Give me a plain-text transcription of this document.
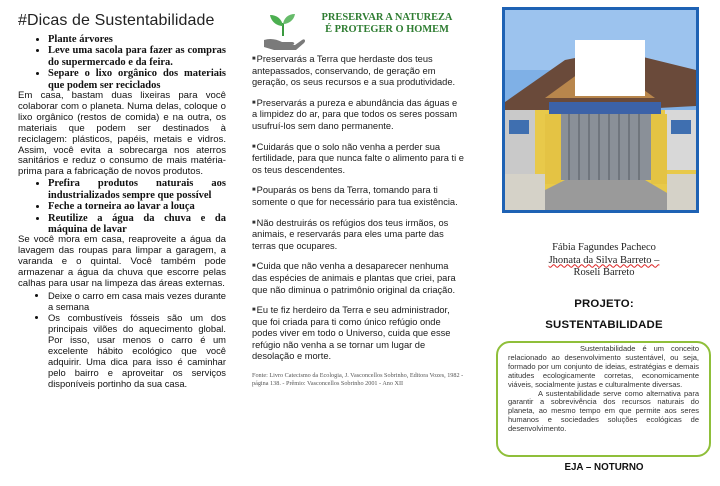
#Dicas de Sustentabilidade
• Plante árvores
• Leve uma sacola para fazer as compras do supermercado e da feira.
• Separe o lixo orgânico dos materiais que podem ser reciclados

Em casa, bastam duas lixeiras para você colaborar com o planeta. Numa delas, coloque o lixo orgânico (restos de comida) e na outra, os materiais que podem ser destinados à reciclagem: plásticos, papéis, metais e vidros. Assim, você evita a sobrecarga nos aterros sanitários e reduz o consumo de mais matéria-prima para a fabricação de novos produtos.

• Prefira produtos naturais aos industrializados sempre que possível
• Feche a torneira ao lavar a louça
• Reutilize a água da chuva e da máquina de lavar

Se você mora em casa, reaproveite a água da lavagem das roupas para limpar a garagem, a varanda e o quintal. Você também pode armazenar a água da chuva que escorre pelas calhas para usar na limpeza das áreas externas.

• Deixe o carro em casa mais vezes durante a semana
• Os combustíveis fósseis são um dos principais vilões do aquecimento global. Por isso, usar menos o carro é um excelente hábito ecológico que você adquirir. Uma dica para isso é caminhar pelo bairro e aproveitar os serviços disponíveis portinho da sua casa.
PRESERVAR A NATUREZA
É PROTEGER O HOMEM

■Preservarás a Terra que herdaste dos teus antepassados, conservando, de geração em geração, os seus recursos e a sua produtividade.

■Preservarás a pureza e abundância das águas e a limpidez do ar, para que todos os seres possam usufruí-los sem dano permanente.

■Cuidarás que o solo não venha a perder sua fertilidade, para que nunca falte o alimento para ti e os teus descendentes.

■Pouparás os bens da Terra, tomando para ti somente o que for necessário para tua existência.

■Não destruirás os refúgios dos teus irmãos, os animais, e reservarás para eles uma parte das terras que ocupares.

■Cuida que não venha a desaparecer nenhuma das espécies de animais e plantas que criei, para que não diminua o patrimônio original da criação.

■Eu te fiz herdeiro da Terra e seu administrador, que foi criada para ti como único refúgio onde podes viver em todo o Universo, cuida que esse refúgio não venha a se tornar um lugar de desolação e morte.

Fonte: Livro Catecismo da Ecologia, J. Vasconcellos Sobrinho, Editora Vozes, 1982 - página 138. - Prêmio: Vasconcellos Sobrinho 2001 - Ano XII
Fábia Fagundes Pacheco
Jhonata da Silva Barreto –
Roseli Barreto
PROJETO:
SUSTENTABILIDADE

Sustentabilidade é um conceito relacionado ao desenvolvimento sustentável, ou seja, formado por um conjunto de ideias, estratégias e demais atitudes ecologicamente corretas, economicamente viáveis, socialmente justas e culturalmente diversas.

A sustentabilidade serve como alternativa para garantir a sobrevivência dos recursos naturais do planeta, ao mesmo tempo em que permite aos seres humanos e sociedades soluções ecológicas de desenvolvimento.

EJA – NOTURNO
